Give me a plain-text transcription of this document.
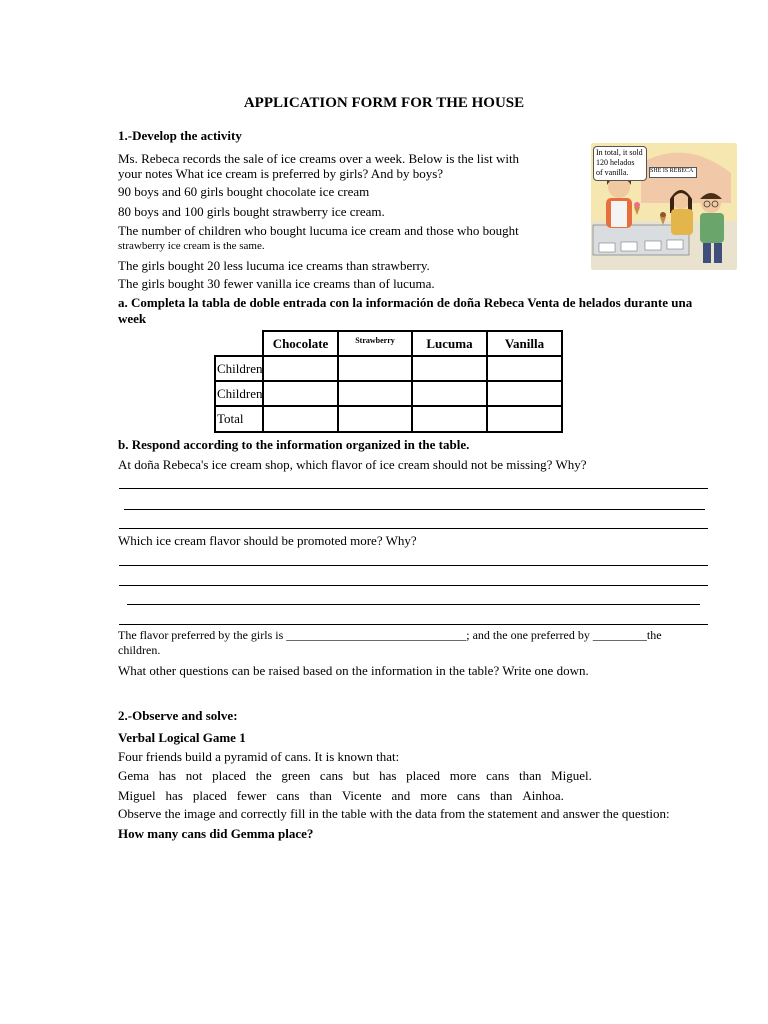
APPLICATION FORM FOR THE HOUSE
1.-Develop the activity
Ms. Rebeca records the sale of ice creams over a week. Below is the list with
your notes What ice cream is preferred by girls? And by boys?
90 boys and 60 girls bought chocolate ice cream
80 boys and 100 girls bought strawberry ice cream.
The number of children who bought lucuma ice cream and those who bought
strawberry ice cream is the same.
The girls bought 20 less lucuma ice creams than strawberry.
The girls bought 30 fewer vanilla ice creams than of lucuma.
a. Completa la tabla de doble entrada con la información de doña Rebeca Venta de helados durante una
week
In total, it sold
120 helados
of vanilla.	SHE IS REBECA
Chocolate	Strawberry	Lucuma	Vanilla
Children
Children
Total
b. Respond according to the information organized in the table.
At doña Rebeca's ice cream shop, which flavor of ice cream should not be missing? Why?
Which ice cream flavor should be promoted more? Why?
The flavor preferred by the girls is ______________________________; and the one preferred by _________the
children.
What other questions can be raised based on the information in the table? Write one down.
2.-Observe and solve:
Verbal Logical Game 1
Four friends build a pyramid of cans. It is known that:
Gema has not placed the green cans but has placed more cans than Miguel.
Miguel has placed fewer cans than Vicente and more cans than Ainhoa.
Observe the image and correctly fill in the table with the data from the statement and answer the question:
How many cans did Gemma place?
